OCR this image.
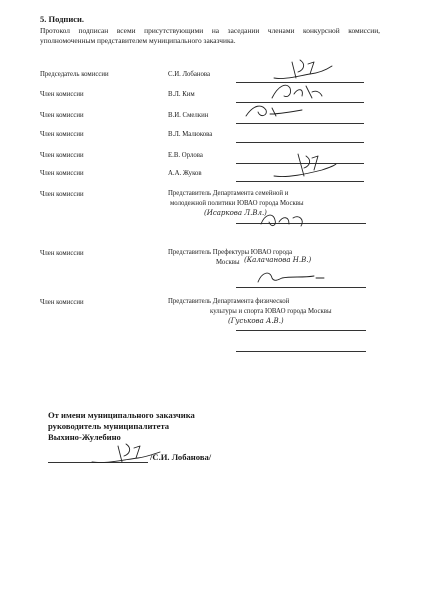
5. Подписи.
Протокол подписан всеми присутствующими на заседании членами конкурсной комиссии, уполномоченным представителем муниципального заказчика.
Председатель комиссии	С.И. Лобанова
Член комиссии	В.Л. Ким
Член комиссии	В.И. Смелкин
Член комиссии	В.Л. Малюкова
Член комиссии	Е.В. Орлова
Член комиссии	А.А. Жуков
Член комиссии	Представитель Департамента семейной и
молодежной политики ЮВАО города Москвы
(Исаркова Л.Вл.)
Член комиссии	Представитель Префектуры ЮВАО города
Москвы (Калачанова Н.В.)
Член комиссии	Представитель Департамента физической
культуры и спорта ЮВАО города Москвы
(Гуськова А.В.)
От имени муниципального заказчика
руководитель муниципалитета
Выхино-Жулебино
/С.И. Лобанова/
